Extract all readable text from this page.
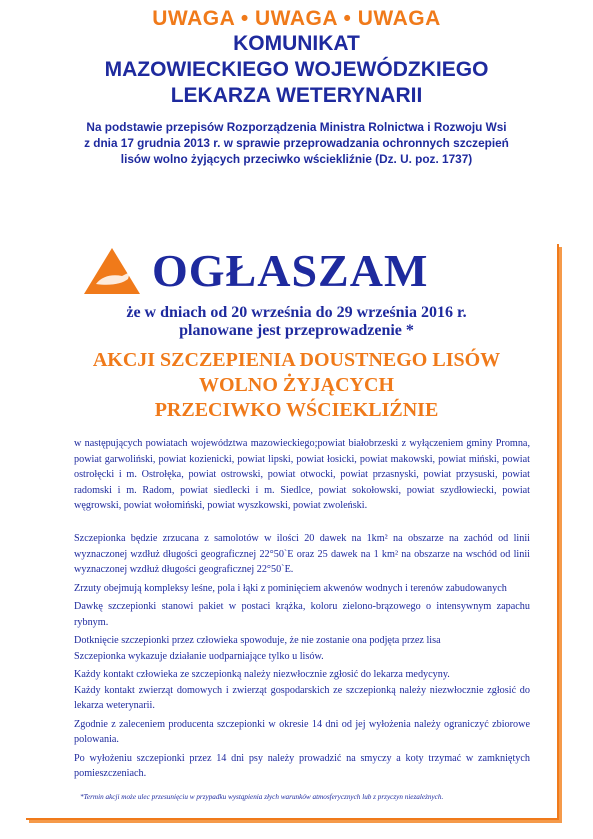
UWAGA • UWAGA • UWAGA
KOMUNIKAT
MAZOWIECKIEGO WOJEWÓDZKIEGO
LEKARZA WETERYNARII
Na podstawie przepisów Rozporządzenia Ministra Rolnictwa i Rozwoju Wsi
z dnia 17 grudnia 2013 r. w sprawie przeprowadzania ochronnych szczepień
lisów wolno żyjących przeciwko wściekliźnie (Dz. U. poz. 1737)
OGŁASZAM
że w dniach od 20 września do 29 września 2016 r.
planowane jest przeprowadzenie *
AKCJI SZCZEPIENIA DOUSTNEGO LISÓW
WOLNO ŻYJĄCYCH
PRZECIWKO WŚCIEKLIŹNIE
w następujących powiatach województwa mazowieckiego;powiat białobrzeski z wyłączeniem gminy Promna, powiat garwoliński, powiat kozienicki, powiat lipski, powiat łosicki, powiat makowski, powiat miński, powiat ostrołęcki i m. Ostrołęka, powiat ostrowski, powiat otwocki, powiat przasnyski, powiat przysuski, powiat radomski i m. Radom, powiat siedlecki i m. Siedlce, powiat sokołowski, powiat szydłowiecki, powiat węgrowski, powiat wołomiński, powiat wyszkowski, powiat zwoleński.

Szczepionka będzie zrzucana z samolotów w ilości 20 dawek na 1km² na obszarze na zachód od linii wyznaczonej wzdłuż długości geograficznej 22°50`E oraz 25 dawek na 1 km² na obszarze na wschód od linii wyznaczonej wzdłuż długości geograficznej 22°50`E.

Zrzuty obejmują kompleksy leśne, pola i łąki z pominięciem akwenów wodnych i terenów zabudowanych

Dawkę szczepionki stanowi pakiet w postaci krążka, koloru zielono-brązowego o intensywnym zapachu rybnym.

Dotknięcie szczepionki przez człowieka spowoduje, że nie zostanie ona podjęta przez lisa

Szczepionka wykazuje działanie uodparniające tylko u lisów.

Każdy kontakt człowieka ze szczepionką należy niezwłocznie zgłosić do lekarza medycyny.

Każdy kontakt zwierząt domowych i zwierząt gospodarskich ze szczepionką należy niezwłocznie zgłosić do lekarza weterynarii.

Zgodnie z zaleceniem producenta szczepionki w okresie 14 dni od jej wyłożenia należy ograniczyć zbiorowe polowania.

Po wyłożeniu szczepionki przez 14 dni psy należy prowadzić na smyczy a koty trzymać w zamkniętych pomieszczeniach.

*Termin akcji może ulec przesunięciu w przypadku wystąpienia złych warunków atmosferycznych lub z przyczyn niezależnych.
